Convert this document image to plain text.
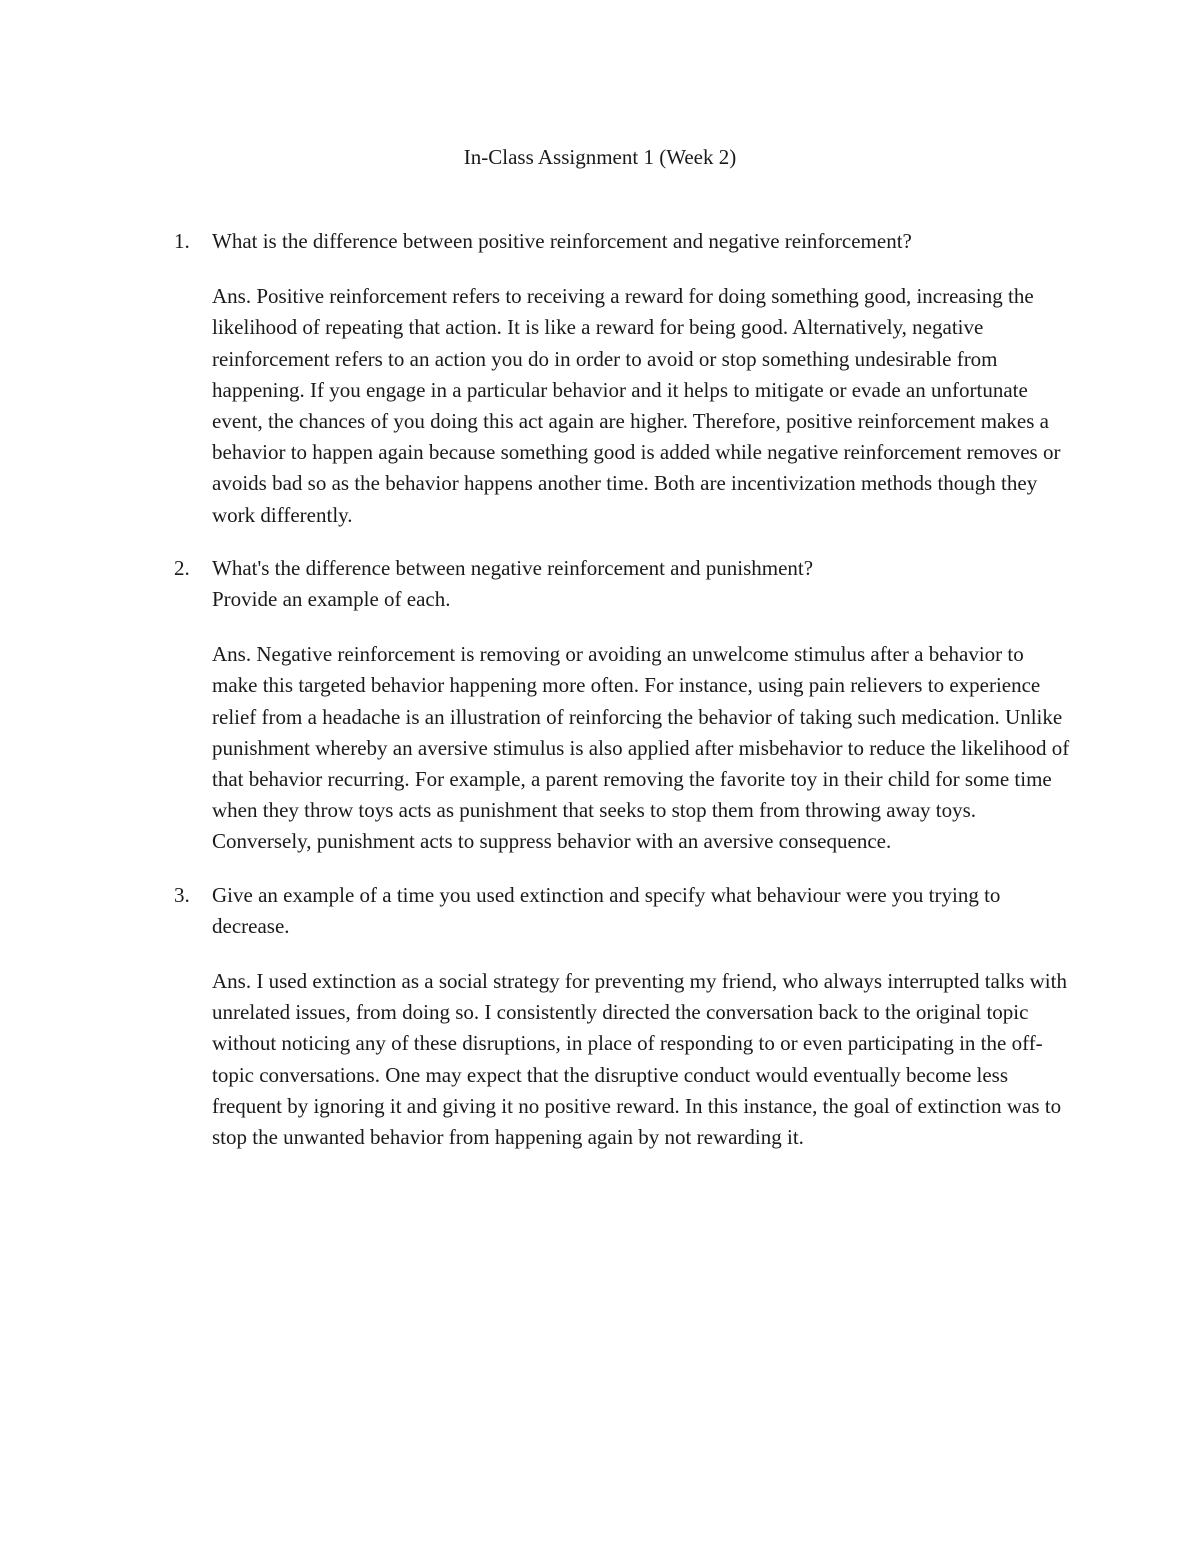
In-Class Assignment 1 (Week 2)
1. What is the difference between positive reinforcement and negative reinforcement?

Ans. Positive reinforcement refers to receiving a reward for doing something good, increasing the likelihood of repeating that action. It is like a reward for being good. Alternatively, negative reinforcement refers to an action you do in order to avoid or stop something undesirable from happening. If you engage in a particular behavior and it helps to mitigate or evade an unfortunate event, the chances of you doing this act again are higher. Therefore, positive reinforcement makes a behavior to happen again because something good is added while negative reinforcement removes or avoids bad so as the behavior happens another time. Both are incentivization methods though they work differently.

2. What's the difference between negative reinforcement and punishment?
Provide an example of each.

Ans. Negative reinforcement is removing or avoiding an unwelcome stimulus after a behavior to make this targeted behavior happening more often. For instance, using pain relievers to experience relief from a headache is an illustration of reinforcing the behavior of taking such medication. Unlike punishment whereby an aversive stimulus is also applied after misbehavior to reduce the likelihood of that behavior recurring. For example, a parent removing the favorite toy in their child for some time when they throw toys acts as punishment that seeks to stop them from throwing away toys. Conversely, punishment acts to suppress behavior with an aversive consequence.

3. Give an example of a time you used extinction and specify what behaviour were you trying to decrease.

Ans. I used extinction as a social strategy for preventing my friend, who always interrupted talks with unrelated issues, from doing so. I consistently directed the conversation back to the original topic without noticing any of these disruptions, in place of responding to or even participating in the off-topic conversations. One may expect that the disruptive conduct would eventually become less frequent by ignoring it and giving it no positive reward. In this instance, the goal of extinction was to stop the unwanted behavior from happening again by not rewarding it.
